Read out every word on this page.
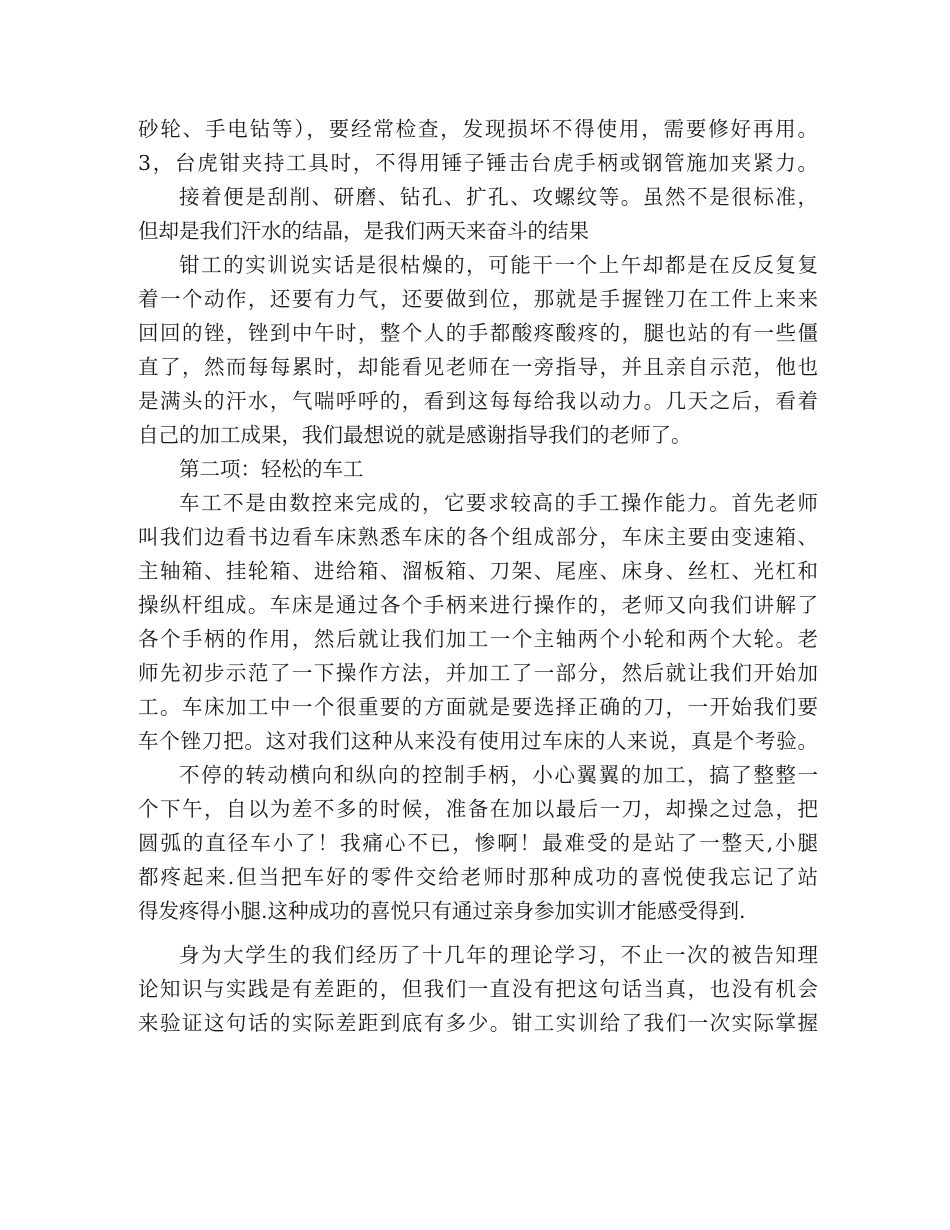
砂轮、手电钻等），要经常检查，发现损坏不得使用，需要修好再用。
3，台虎钳夹持工具时，不得用锤子锤击台虎手柄或钢管施加夹紧力。
接着便是刮削、研磨、钻孔、扩孔、攻螺纹等。虽然不是很标准，
但却是我们汗水的结晶，是我们两天来奋斗的结果
钳工的实训说实话是很枯燥的，可能干一个上午却都是在反反复复
着一个动作，还要有力气，还要做到位，那就是手握锉刀在工件上来来
回回的锉，锉到中午时，整个人的手都酸疼酸疼的，腿也站的有一些僵
直了，然而每每累时，却能看见老师在一旁指导，并且亲自示范，他也
是满头的汗水，气喘呼呼的，看到这每每给我以动力。几天之后，看着
自己的加工成果，我们最想说的就是感谢指导我们的老师了。
第二项：轻松的车工
车工不是由数控来完成的，它要求较高的手工操作能力。首先老师
叫我们边看书边看车床熟悉车床的各个组成部分，车床主要由变速箱、
主轴箱、挂轮箱、进给箱、溜板箱、刀架、尾座、床身、丝杠、光杠和
操纵杆组成。车床是通过各个手柄来进行操作的，老师又向我们讲解了
各个手柄的作用，然后就让我们加工一个主轴两个小轮和两个大轮。老
师先初步示范了一下操作方法，并加工了一部分，然后就让我们开始加
工。车床加工中一个很重要的方面就是要选择正确的刀，一开始我们要
车个锉刀把。这对我们这种从来没有使用过车床的人来说，真是个考验。
不停的转动横向和纵向的控制手柄，小心翼翼的加工，搞了整整一
个下午，自以为差不多的时候，准备在加以最后一刀，却操之过急，把
圆弧的直径车小了！我痛心不已，惨啊！最难受的是站了一整天,小腿
都疼起来.但当把车好的零件交给老师时那种成功的喜悦使我忘记了站
得发疼得小腿.这种成功的喜悦只有通过亲身参加实训才能感受得到.
身为大学生的我们经历了十几年的理论学习，不止一次的被告知理
论知识与实践是有差距的，但我们一直没有把这句话当真，也没有机会
来验证这句话的实际差距到底有多少。钳工实训给了我们一次实际掌握
